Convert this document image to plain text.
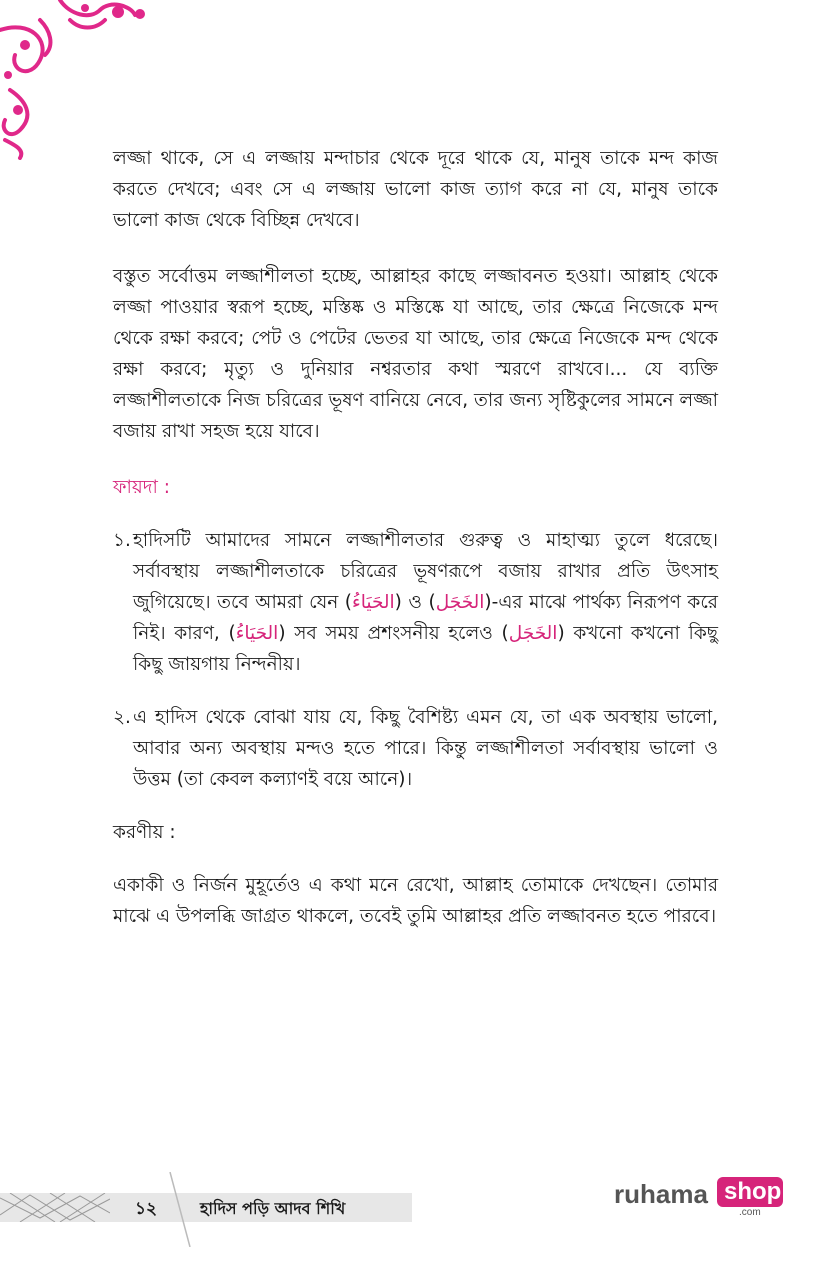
লজ্জা থাকে, সে এ লজ্জায় মন্দাচার থেকে দূরে থাকে যে, মানুষ তাকে মন্দ কাজ করতে দেখবে; এবং সে এ লজ্জায় ভালো কাজ ত্যাগ করে না যে, মানুষ তাকে ভালো কাজ থেকে বিচ্ছিন্ন দেখবে।

বস্তুত সর্বোত্তম লজ্জাশীলতা হচ্ছে, আল্লাহর কাছে লজ্জাবনত হওয়া। আল্লাহ থেকে লজ্জা পাওয়ার স্বরূপ হচ্ছে, মস্তিষ্ক ও মস্তিষ্কে যা আছে, তার ক্ষেত্রে নিজেকে মন্দ থেকে রক্ষা করবে; পেট ও পেটের ভেতর যা আছে, তার ক্ষেত্রে নিজেকে মন্দ থেকে রক্ষা করবে; মৃত্যু ও দুনিয়ার নশ্বরতার কথা স্মরণে রাখবে।... যে ব্যক্তি লজ্জাশীলতাকে নিজ চরিত্রের ভূষণ বানিয়ে নেবে, তার জন্য সৃষ্টিকুলের সামনে লজ্জা বজায় রাখা সহজ হয়ে যাবে।

ফায়দা :
১. হাদিসটি আমাদের সামনে লজ্জাশীলতার গুরুত্ব ও মাহাত্ম্য তুলে ধরেছে। সর্বাবস্থায় লজ্জাশীলতাকে চরিত্রের ভূষণরূপে বজায় রাখার প্রতি উৎসাহ জুগিয়েছে। তবে আমরা যেন (الحَيَاءُ) ও (الخَجَل)-এর মাঝে পার্থক্য নিরূপণ করে নিই। কারণ, (الحَيَاءُ) সব সময় প্রশংসনীয় হলেও (الخَجَل) কখনো কখনো কিছু কিছু জায়গায় নিন্দনীয়।
২. এ হাদিস থেকে বোঝা যায় যে, কিছু বৈশিষ্ট্য এমন যে, তা এক অবস্থায় ভালো, আবার অন্য অবস্থায় মন্দও হতে পারে। কিন্তু লজ্জাশীলতা সর্বাবস্থায় ভালো ও উত্তম (তা কেবল কল্যাণই বয়ে আনে)।
করণীয় :

একাকী ও নির্জন মুহূর্তেও এ কথা মনে রেখো, আল্লাহ তোমাকে দেখছেন। তোমার মাঝে এ উপলব্ধি জাগ্রত থাকলে, তবেই তুমি আল্লাহর প্রতি লজ্জাবনত হতে পারবে।

১২	হাদিস পড়ি আদব শিখি	ruhama shop
.com
